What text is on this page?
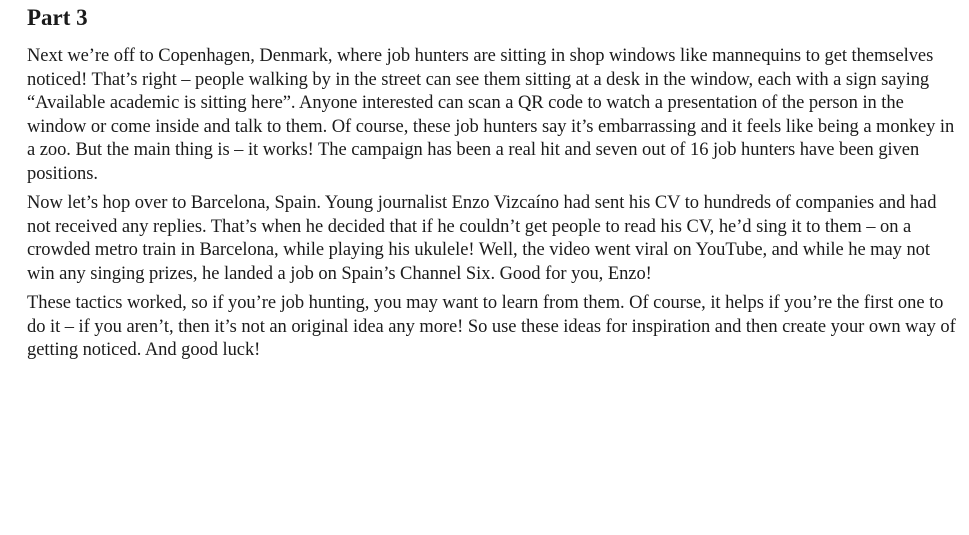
Part 3

Next we’re off to Copenhagen, Denmark, where job hunters are sitting in shop windows like mannequins to get themselves noticed! That’s right – people walking by in the street can see them sitting at a desk in the window, each with a sign saying “Available academic is sitting here”. Anyone interested can scan a QR code to watch a presentation of the person in the window or come inside and talk to them. Of course, these job hunters say it’s embarrassing and it feels like being a monkey in a zoo. But the main thing is – it works! The campaign has been a real hit and seven out of 16 job hunters have been given positions.

Now let’s hop over to Barcelona, Spain. Young journalist Enzo Vizcaíno had sent his CV to hundreds of companies and had not received any replies. That’s when he decided that if he couldn’t get people to read his CV, he’d sing it to them – on a crowded metro train in Barcelona, while playing his ukulele! Well, the video went viral on YouTube, and while he may not win any singing prizes, he landed a job on Spain’s Channel Six. Good for you, Enzo!

These tactics worked, so if you’re job hunting, you may want to learn from them. Of course, it helps if you’re the first one to do it – if you aren’t, then it’s not an original idea any more! So use these ideas for inspiration and then create your own way of getting noticed. And good luck!
